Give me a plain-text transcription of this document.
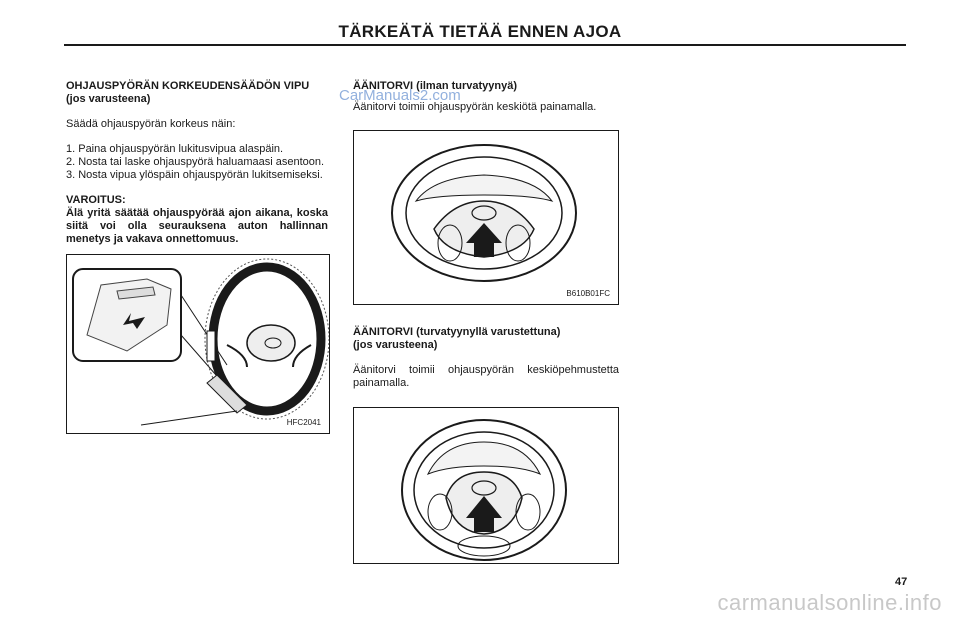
TÄRKEÄTÄ TIETÄÄ ENNEN AJOA

OHJAUSPYÖRÄN KORKEUDENSÄÄDÖN VIPU

(jos varusteena)

Säädä ohjauspyörän korkeus näin:

1. Paina ohjauspyörän lukitusvipua alaspäin.

2. Nosta tai laske ohjauspyörä haluamaasi asentoon.

3. Nosta vipua ylöspäin ohjauspyörän lukitsemiseksi.

VAROITUS:

Älä yritä säätää ohjauspyörää ajon aikana, koska siitä voi olla seurauksena auton hallinnan menetys ja vakava onnettomuus.

HFC2041

ÄÄNITORVI (ilman turvatyynyä)

Äänitorvi toimii ohjauspyörän keskiötä painamalla.

B610B01FC

ÄÄNITORVI (turvatyynyllä varustettuna)

(jos varusteena)

Äänitorvi toimii ohjauspyörän keskiöpehmustetta painamalla.

CarManuals2.com
47
carmanualsonline.info
